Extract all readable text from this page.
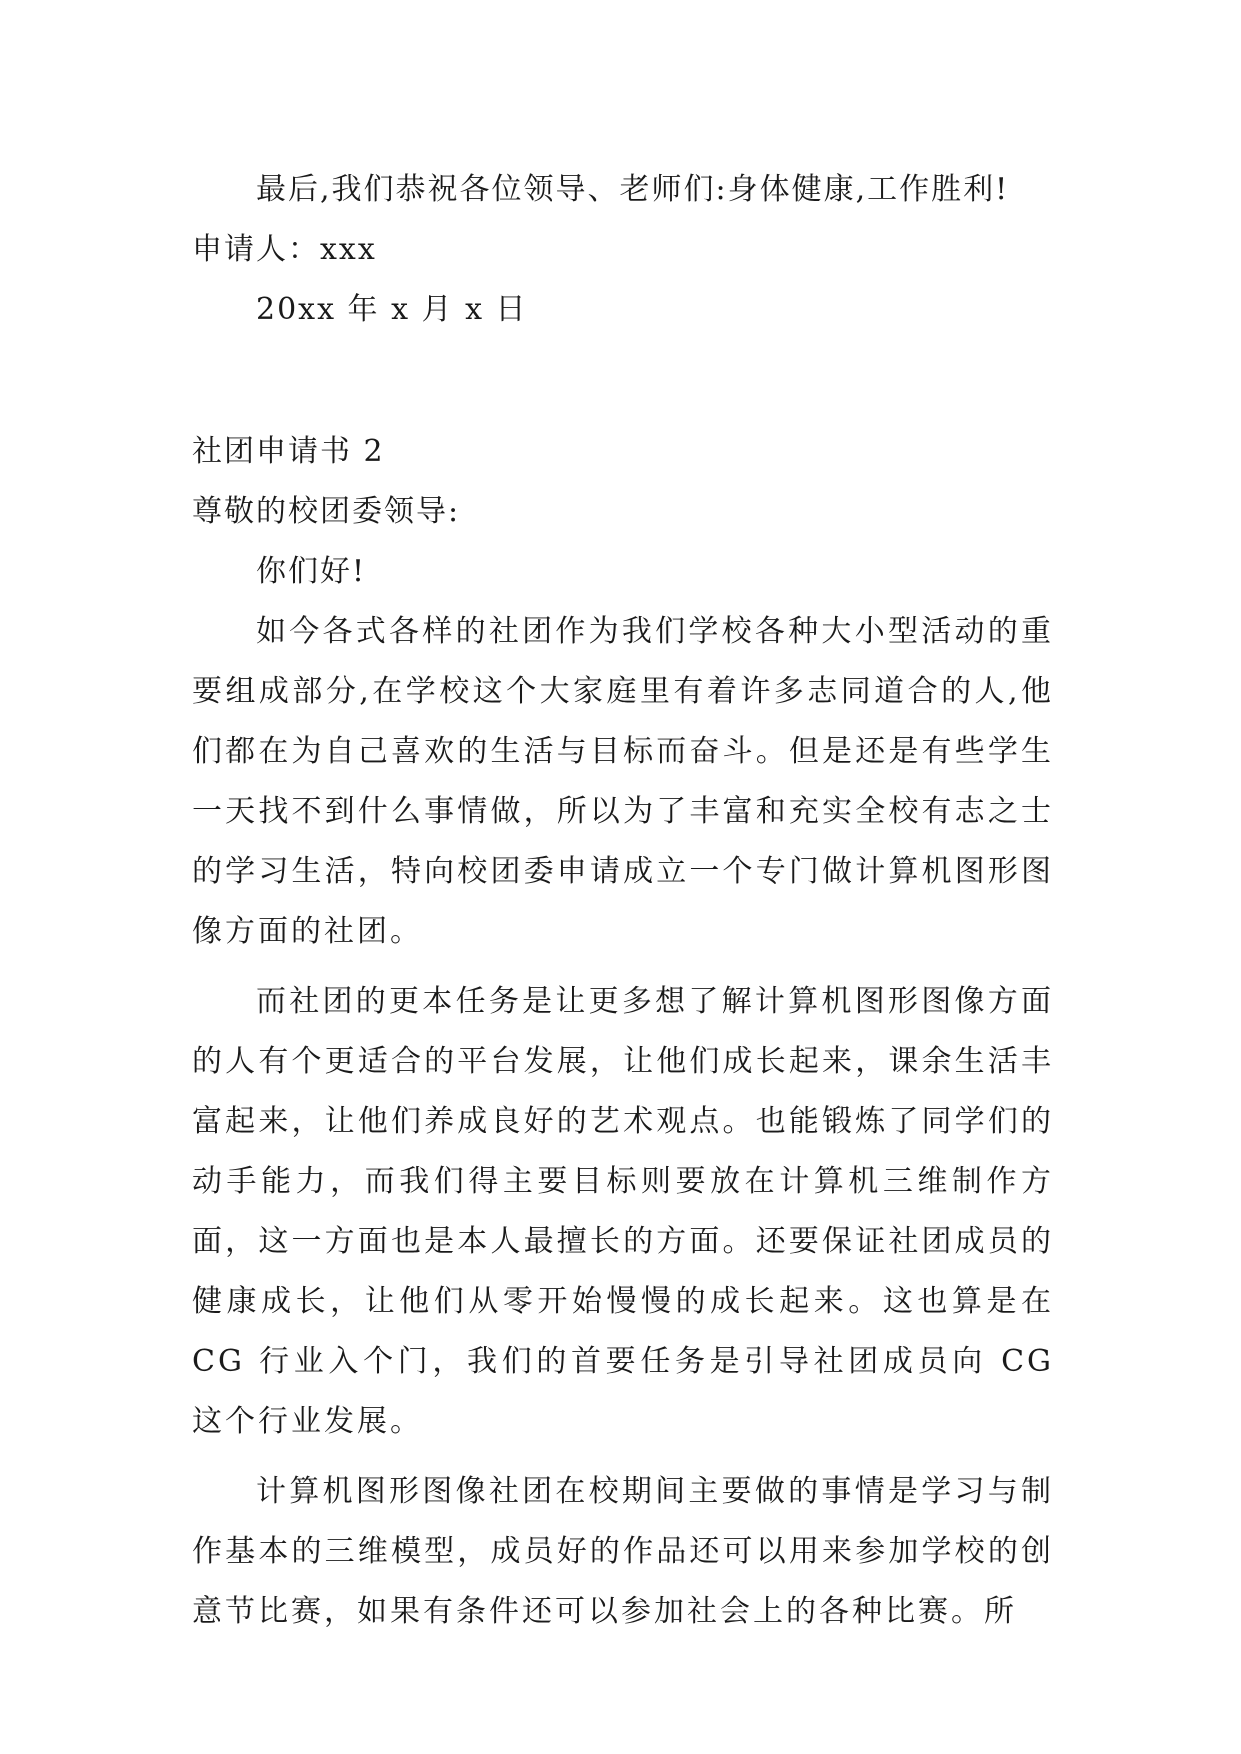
最后,我们恭祝各位领导、老师们:身体健康,工作胜利!

申请人：xxx

20xx 年 x 月 x 日

社团申请书 2

尊敬的校团委领导:

你们好!

如今各式各样的社团作为我们学校各种大小型活动的重要组成部分,在学校这个大家庭里有着许多志同道合的人,他们都在为自己喜欢的生活与目标而奋斗。但是还是有些学生一天找不到什么事情做，所以为了丰富和充实全校有志之士的学习生活，特向校团委申请成立一个专门做计算机图形图像方面的社团。

而社团的更本任务是让更多想了解计算机图形图像方面的人有个更适合的平台发展，让他们成长起来，课余生活丰富起来，让他们养成良好的艺术观点。也能锻炼了同学们的动手能力，而我们得主要目标则要放在计算机三维制作方面，这一方面也是本人最擅长的方面。还要保证社团成员的健康成长，让他们从零开始慢慢的成长起来。这也算是在 CG 行业入个门，我们的首要任务是引导社团成员向 CG 这个行业发展。

计算机图形图像社团在校期间主要做的事情是学习与制作基本的三维模型，成员好的作品还可以用来参加学校的创意节比赛，如果有条件还可以参加社会上的各种比赛。所
